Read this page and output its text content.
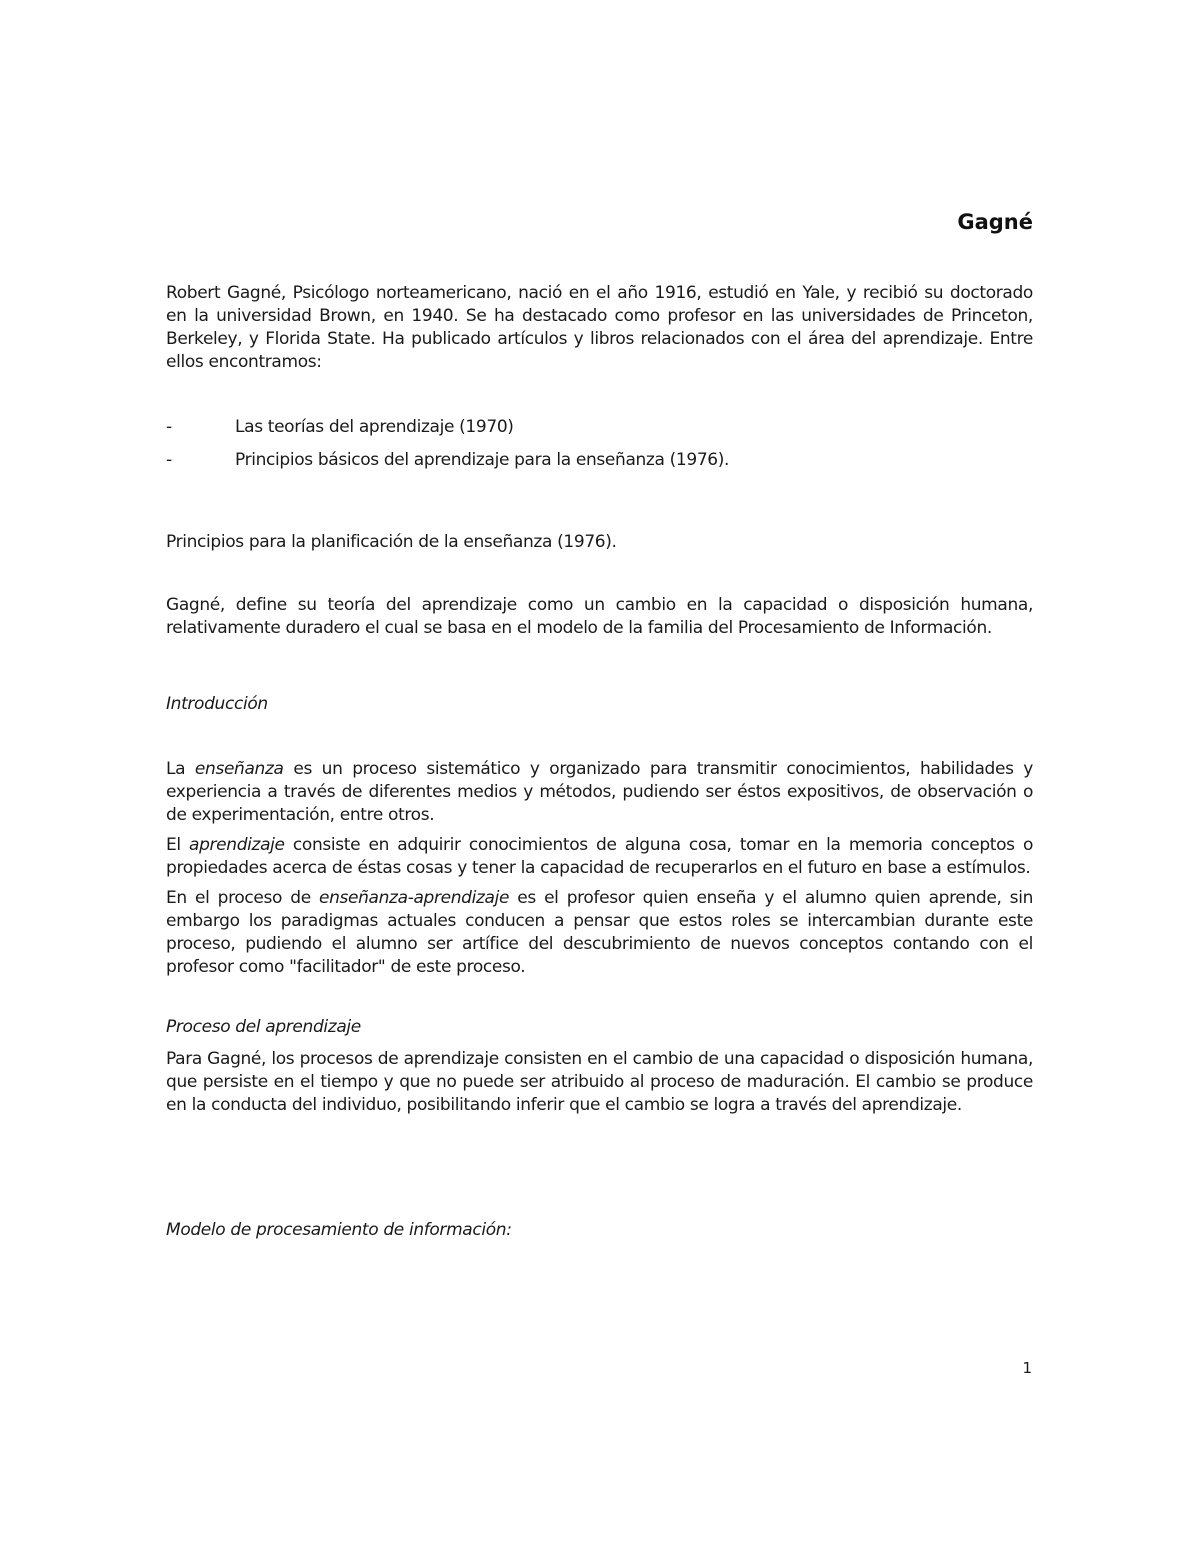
Gagné

Robert Gagné, Psicólogo norteamericano, nació en el año 1916, estudió en Yale, y recibió su doctorado en la universidad Brown, en 1940. Se ha destacado como profesor en las universidades de Princeton, Berkeley, y Florida State. Ha publicado artículos y libros relacionados con el área del aprendizaje. Entre ellos encontramos:

-	Las teorías del aprendizaje (1970)
-	Principios básicos del aprendizaje para la enseñanza (1976).

Principios para la planificación de la enseñanza (1976).

Gagné, define su teoría del aprendizaje como un cambio en la capacidad o disposición humana, relativamente duradero el cual se basa en el modelo de la familia del Procesamiento de Información.

Introducción

La enseñanza es un proceso sistemático y organizado para transmitir conocimientos, habilidades y experiencia a través de diferentes medios y métodos, pudiendo ser éstos expositivos, de observación o de experimentación, entre otros.

El aprendizaje consiste en adquirir conocimientos de alguna cosa, tomar en la memoria conceptos o propiedades acerca de éstas cosas y tener la capacidad de recuperarlos en el futuro en base a estímulos.

En el proceso de enseñanza-aprendizaje es el profesor quien enseña y el alumno quien aprende, sin embargo los paradigmas actuales conducen a pensar que estos roles se intercambian durante este proceso, pudiendo el alumno ser artífice del descubrimiento de nuevos conceptos contando con el profesor como "facilitador" de este proceso.

Proceso del aprendizaje

Para Gagné, los procesos de aprendizaje consisten en el cambio de una capacidad o disposición humana, que persiste en el tiempo y que no puede ser atribuido al proceso de maduración. El cambio se produce en la conducta del individuo, posibilitando inferir que el cambio se logra a través del aprendizaje.

Modelo de procesamiento de información:

1
